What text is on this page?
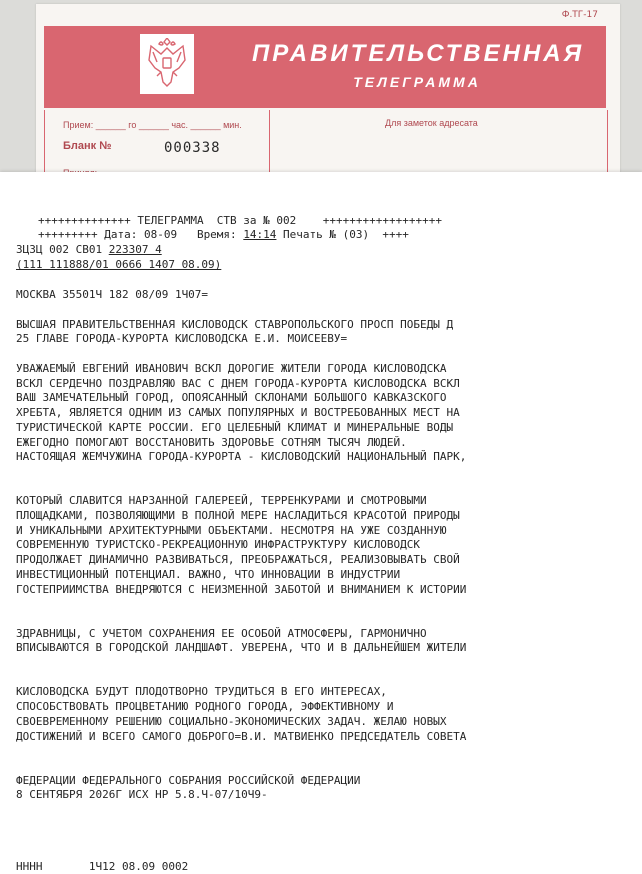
Ф.ТГ-17
ПРАВИТЕЛЬСТВЕННАЯ
ТЕЛЕГРАММА
Прием: ______ го ______ час. ______ мин.
Бланк №	000338
Для заметок адресата
++++++++++++++ ТЕЛЕГРАММА  СТВ за № 002    ++++++++++++++++++
+++++++++ Дата: 08-09   Время: 14:14 Печать № (03)  ++++
ЗЦЗЦ 002 СВ01 223307 4
(111 111888/01 0666 1407 08.09)
МОСКВА 35501Ч 182 08/09 1Ч07=
ВЫСШАЯ ПРАВИТЕЛЬСТВЕННАЯ КИСЛОВОДСК СТАВРОПОЛЬСКОГО ПРОСП ПОБЕДЫ Д
25 ГЛАВЕ ГОРОДА-КУРОРТА КИСЛОВОДСКА Е.И. МОИСЕЕВУ=
УВАЖАЕМЫЙ ЕВГЕНИЙ ИВАНОВИЧ ВСКЛ ДОРОГИЕ ЖИТЕЛИ ГОРОДА КИСЛОВОДСКА
ВСКЛ СЕРДЕЧНО ПОЗДРАВЛЯЮ ВАС С ДНЕМ ГОРОДА-КУРОРТА КИСЛОВОДСКА ВСКЛ
ВАШ ЗАМЕЧАТЕЛЬНЫЙ ГОРОД, ОПОЯСАННЫЙ СКЛОНАМИ БОЛЬШОГО КАВКАЗСКОГО
ХРЕБТА, ЯВЛЯЕТСЯ ОДНИМ ИЗ САМЫХ ПОПУЛЯРНЫХ И ВОСТРЕБОВАННЫХ МЕСТ НА
ТУРИСТИЧЕСКОЙ КАРТЕ РОССИИ. ЕГО ЦЕЛЕБНЫЙ КЛИМАТ И МИНЕРАЛЬНЫЕ ВОДЫ
ЕЖЕГОДНО ПОМОГАЮТ ВОССТАНОВИТЬ ЗДОРОВЬЕ СОТНЯМ ТЫСЯЧ ЛЮДЕЙ.
НАСТОЯЩАЯ ЖЕМЧУЖИНА ГОРОДА-КУРОРТА - КИСЛОВОДСКИЙ НАЦИОНАЛЬНЫЙ ПАРК,
КОТОРЫЙ СЛАВИТСЯ НАРЗАННОЙ ГАЛЕРЕЕЙ, ТЕРРЕНКУРАМИ И СМОТРОВЫМИ
ПЛОЩАДКАМИ, ПОЗВОЛЯЮЩИМИ В ПОЛНОЙ МЕРЕ НАСЛАДИТЬСЯ КРАСОТОЙ ПРИРОДЫ
И УНИКАЛЬНЫМИ АРХИТЕКТУРНЫМИ ОБЪЕКТАМИ. НЕСМОТРЯ НА УЖЕ СОЗДАННУЮ
СОВРЕМЕННУЮ ТУРИСТСКО-РЕКРЕАЦИОННУЮ ИНФРАСТРУКТУРУ КИСЛОВОДСК
ПРОДОЛЖАЕТ ДИНАМИЧНО РАЗВИВАТЬСЯ, ПРЕОБРАЖАТЬСЯ, РЕАЛИЗОВЫВАТЬ СВОЙ
ИНВЕСТИЦИОННЫЙ ПОТЕНЦИАЛ. ВАЖНО, ЧТО ИННОВАЦИИ В ИНДУСТРИИ
ГОСТЕПРИИМСТВА ВНЕДРЯЮТСЯ С НЕИЗМЕННОЙ ЗАБОТОЙ И ВНИМАНИЕМ К ИСТОРИИ
ЗДРАВНИЦЫ, С УЧЕТОМ СОХРАНЕНИЯ ЕЕ ОСОБОЙ АТМОСФЕРЫ, ГАРМОНИЧНО
ВПИСЫВАЮТСЯ В ГОРОДСКОЙ ЛАНДШАФТ. УВЕРЕНА, ЧТО И В ДАЛЬНЕЙШЕМ ЖИТЕЛИ
КИСЛОВОДСКА БУДУТ ПЛОДОТВОРНО ТРУДИТЬСЯ В ЕГО ИНТЕРЕСАХ,
СПОСОБСТВОВАТЬ ПРОЦВЕТАНИЮ РОДНОГО ГОРОДА, ЭФФЕКТИВНОМУ И
СВОЕВРЕМЕННОМУ РЕШЕНИЮ СОЦИАЛЬНО-ЭКОНОМИЧЕСКИХ ЗАДАЧ. ЖЕЛАЮ НОВЫХ
ДОСТИЖЕНИЙ И ВСЕГО САМОГО ДОБРОГО=В.И. МАТВИЕНКО ПРЕДСЕДАТЕЛЬ СОВЕТА
ФЕДЕРАЦИИ ФЕДЕРАЛЬНОГО СОБРАНИЯ РОССИЙСКОЙ ФЕДЕРАЦИИ
8 СЕНТЯБРЯ 2026Г ИСХ НР 5.8.Ч-07/10Ч9-
НННН       1Ч12 08.09 0002
